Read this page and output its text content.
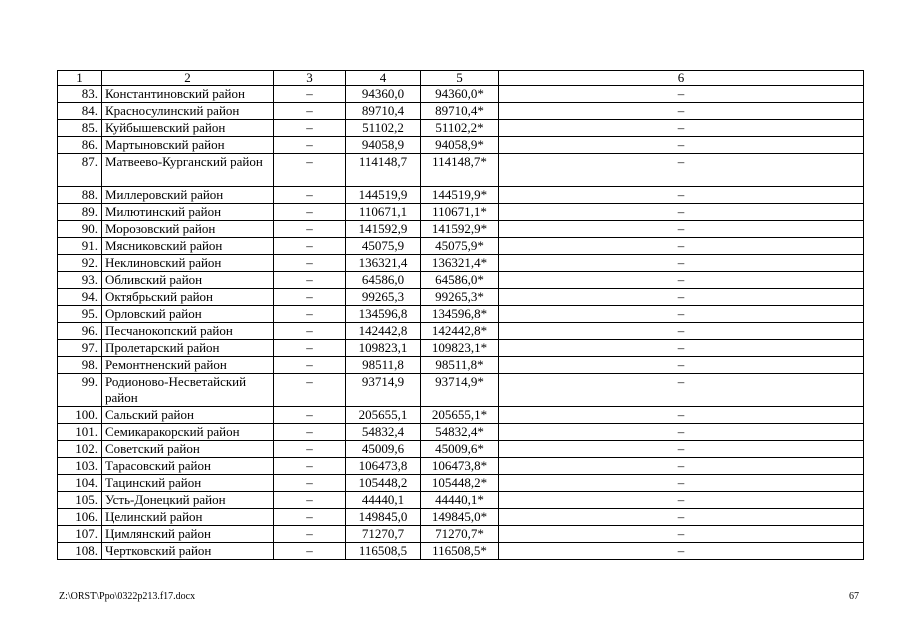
1	2	3	4	5	6
83.	Константиновский район	–	94360,0	94360,0*	–
84.	Красносулинский район	–	89710,4	89710,4*	–
85.	Куйбышевский район	–	51102,2	51102,2*	–
86.	Мартыновский район	–	94058,9	94058,9*	–
87.	Матвеево-Курганский район	–	114148,7	114148,7*	–
88.	Миллеровский район	–	144519,9	144519,9*	–
89.	Милютинский район	–	110671,1	110671,1*	–
90.	Морозовский район	–	141592,9	141592,9*	–
91.	Мясниковский район	–	45075,9	45075,9*	–
92.	Неклиновский район	–	136321,4	136321,4*	–
93.	Обливский район	–	64586,0	64586,0*	–
94.	Октябрьский район	–	99265,3	99265,3*	–
95.	Орловский район	–	134596,8	134596,8*	–
96.	Песчанокопский район	–	142442,8	142442,8*	–
97.	Пролетарский район	–	109823,1	109823,1*	–
98.	Ремонтненский район	–	98511,8	98511,8*	–
99.	Родионово-Несветайский район	–	93714,9	93714,9*	–
100.	Сальский район	–	205655,1	205655,1*	–
101.	Семикаракорский район	–	54832,4	54832,4*	–
102.	Советский район	–	45009,6	45009,6*	–
103.	Тарасовский район	–	106473,8	106473,8*	–
104.	Тацинский район	–	105448,2	105448,2*	–
105.	Усть-Донецкий район	–	44440,1	44440,1*	–
106.	Целинский район	–	149845,0	149845,0*	–
107.	Цимлянский район	–	71270,7	71270,7*	–
108.	Чертковский район	–	116508,5	116508,5*	–
Z:\ORST\Ppo\0322p213.f17.docx	67
